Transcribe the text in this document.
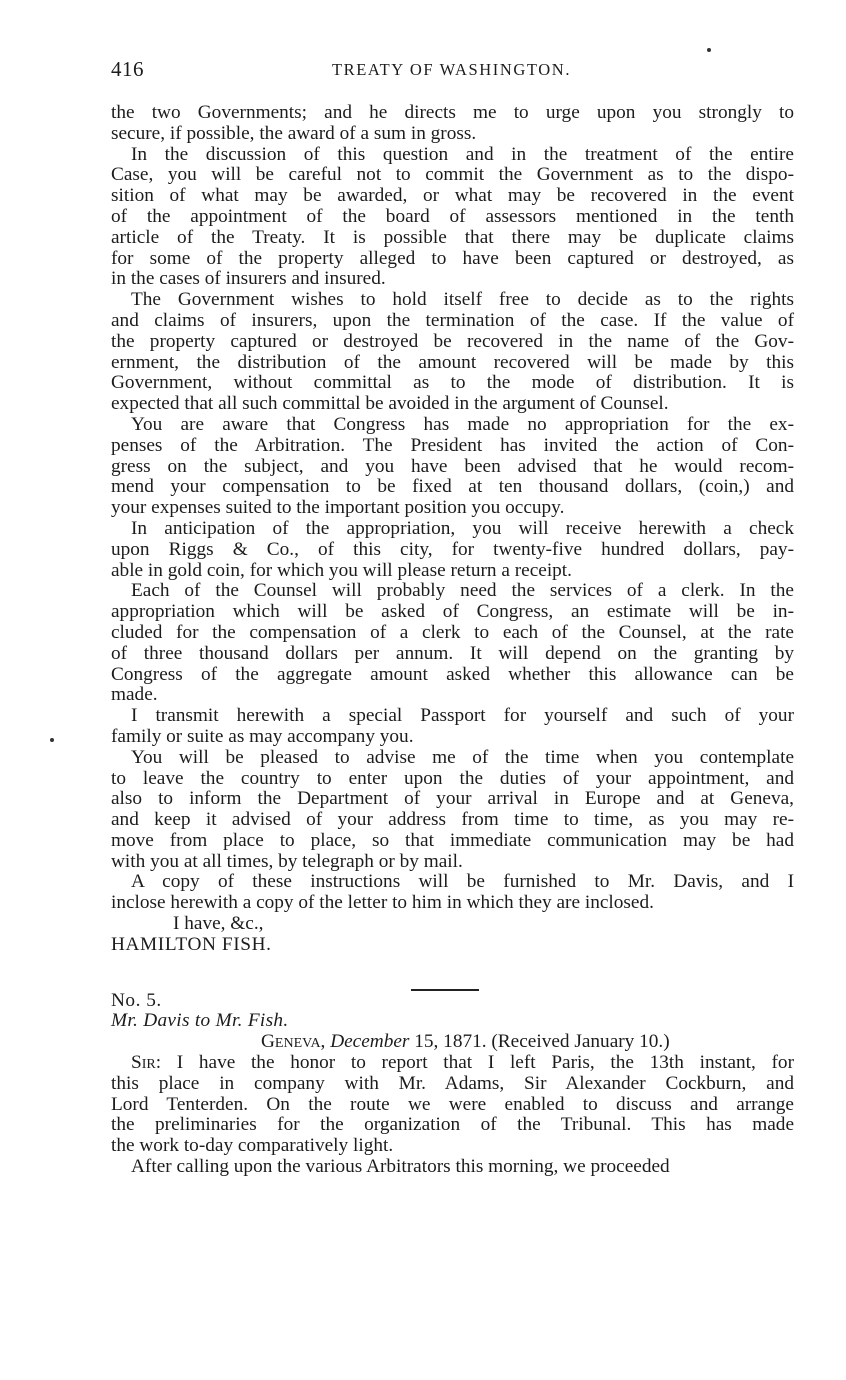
416	TREATY OF WASHINGTON.

the two Governments; and he directs me to urge upon you strongly to

secure, if possible, the award of a sum in gross.

In the discussion of this question and in the treatment of the entire

Case, you will be careful not to commit the Government as to the dispo-

sition of what may be awarded, or what may be recovered in the event

of the appointment of the board of assessors mentioned in the tenth

article of the Treaty. It is possible that there may be duplicate claims

for some of the property alleged to have been captured or destroyed, as

in the cases of insurers and insured.

The Government wishes to hold itself free to decide as to the rights

and claims of insurers, upon the termination of the case. If the value of

the property captured or destroyed be recovered in the name of the Gov-

ernment, the distribution of the amount recovered will be made by this

Government, without committal as to the mode of distribution. It is

expected that all such committal be avoided in the argument of Counsel.

You are aware that Congress has made no appropriation for the ex-

penses of the Arbitration. The President has invited the action of Con-

gress on the subject, and you have been advised that he would recom-

mend your compensation to be fixed at ten thousand dollars, (coin,) and

your expenses suited to the important position you occupy.

In anticipation of the appropriation, you will receive herewith a check

upon Riggs & Co., of this city, for twenty-five hundred dollars, pay-

able in gold coin, for which you will please return a receipt.

Each of the Counsel will probably need the services of a clerk. In the

appropriation which will be asked of Congress, an estimate will be in-

cluded for the compensation of a clerk to each of the Counsel, at the rate

of three thousand dollars per annum. It will depend on the granting by

Congress of the aggregate amount asked whether this allowance can be

made.

I transmit herewith a special Passport for yourself and such of your

family or suite as may accompany you.

You will be pleased to advise me of the time when you contemplate

to leave the country to enter upon the duties of your appointment, and

also to inform the Department of your arrival in Europe and at Geneva,

and keep it advised of your address from time to time, as you may re-

move from place to place, so that immediate communication may be had

with you at all times, by telegraph or by mail.

A copy of these instructions will be furnished to Mr. Davis, and I

inclose herewith a copy of the letter to him in which they are inclosed.

I have, &c.,

HAMILTON FISH.

No. 5.

Mr. Davis to Mr. Fish.

Geneva, December 15, 1871. (Received January 10.)

Sir: I have the honor to report that I left Paris, the 13th instant, for

this place in company with Mr. Adams, Sir Alexander Cockburn, and

Lord Tenterden. On the route we were enabled to discuss and arrange

the preliminaries for the organization of the Tribunal. This has made

the work to-day comparatively light.

After calling upon the various Arbitrators this morning, we proceeded
